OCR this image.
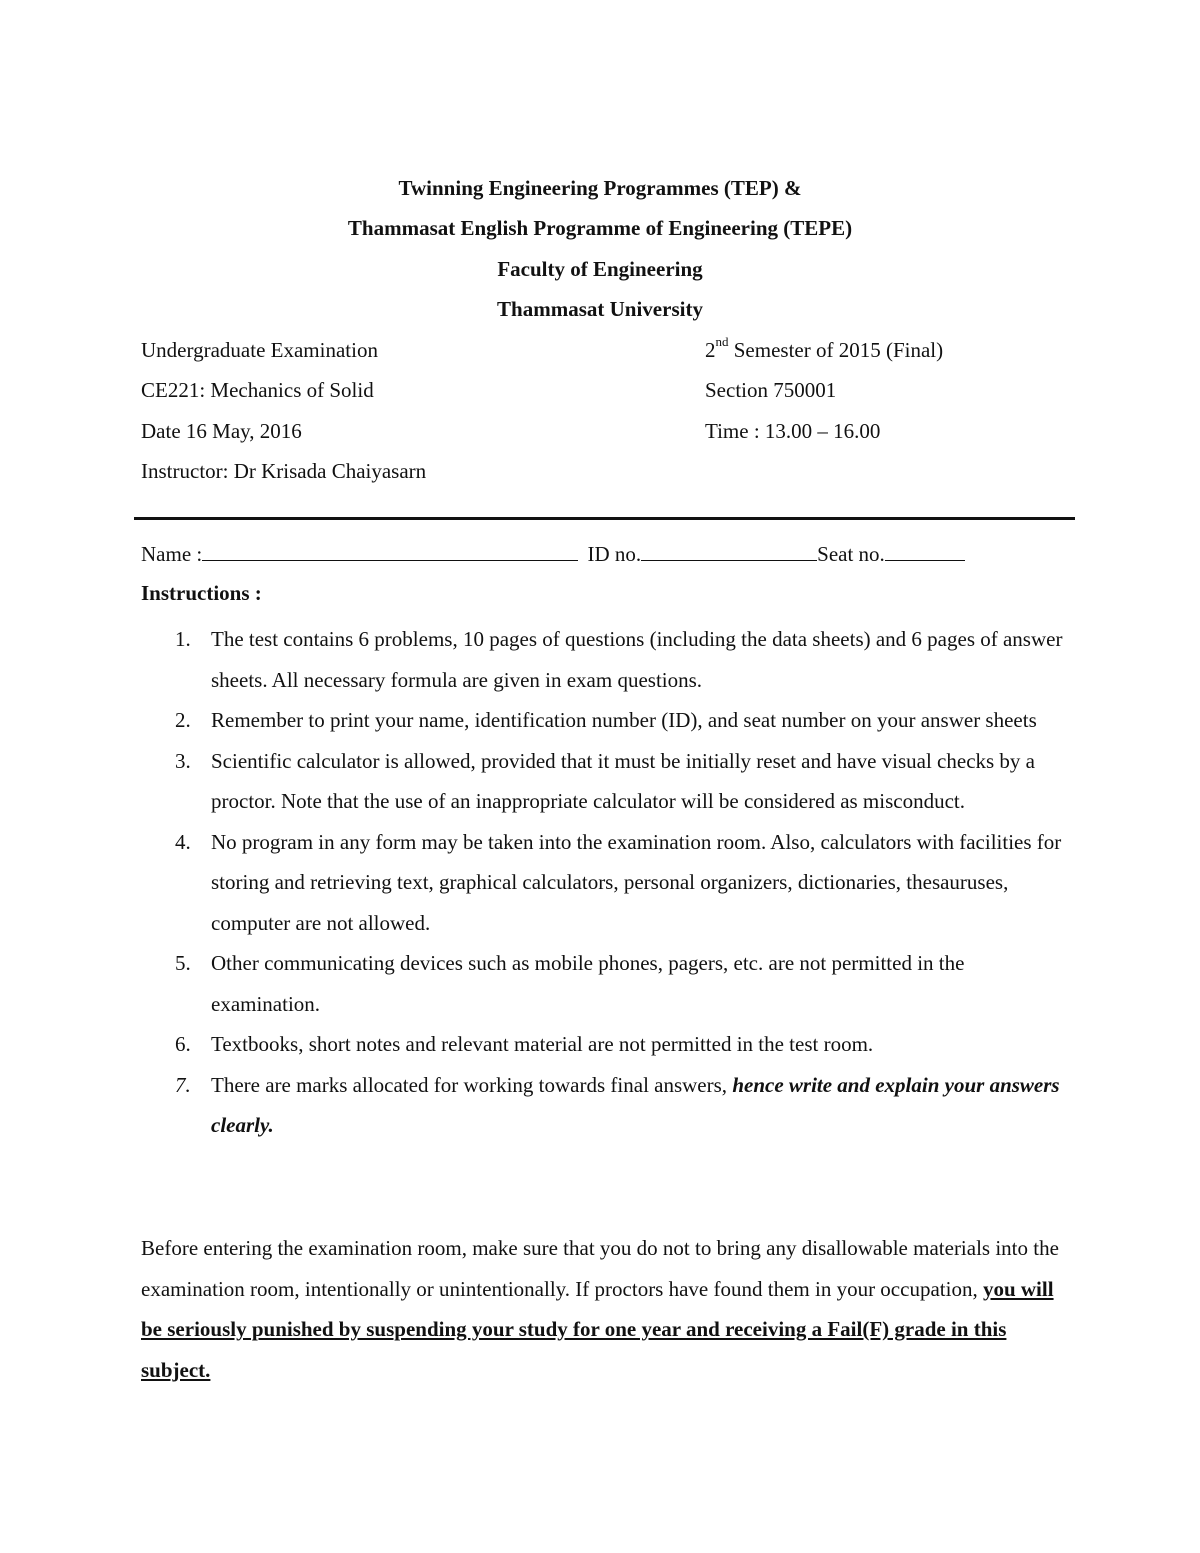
Twinning Engineering Programmes (TEP) &
Thammasat English Programme of Engineering (TEPE)
Faculty of Engineering
Thammasat University
Undergraduate Examination	2nd Semester of 2015 (Final)
CE221: Mechanics of Solid	Section 750001
Date 16 May, 2016	Time : 13.00 – 16.00
Instructor: Dr Krisada Chaiyasarn
Name :	ID no.	Seat no.
Instructions :
1. The test contains 6 problems, 10 pages of questions (including the data sheets) and 6 pages of answer sheets. All necessary formula are given in exam questions.
2. Remember to print your name, identification number (ID), and seat number on your answer sheets
3. Scientific calculator is allowed, provided that it must be initially reset and have visual checks by a proctor. Note that the use of an inappropriate calculator will be considered as misconduct.
4. No program in any form may be taken into the examination room. Also, calculators with facilities for storing and retrieving text, graphical calculators, personal organizers, dictionaries, thesauruses, computer are not allowed.
5. Other communicating devices such as mobile phones, pagers, etc. are not permitted in the examination.
6. Textbooks, short notes and relevant material are not permitted in the test room.
7. There are marks allocated for working towards final answers, hence write and explain your answers clearly.
Before entering the examination room, make sure that you do not to bring any disallowable materials into the examination room, intentionally or unintentionally. If proctors have found them in your occupation, you will be seriously punished by suspending your study for one year and receiving a Fail(F) grade in this subject.
